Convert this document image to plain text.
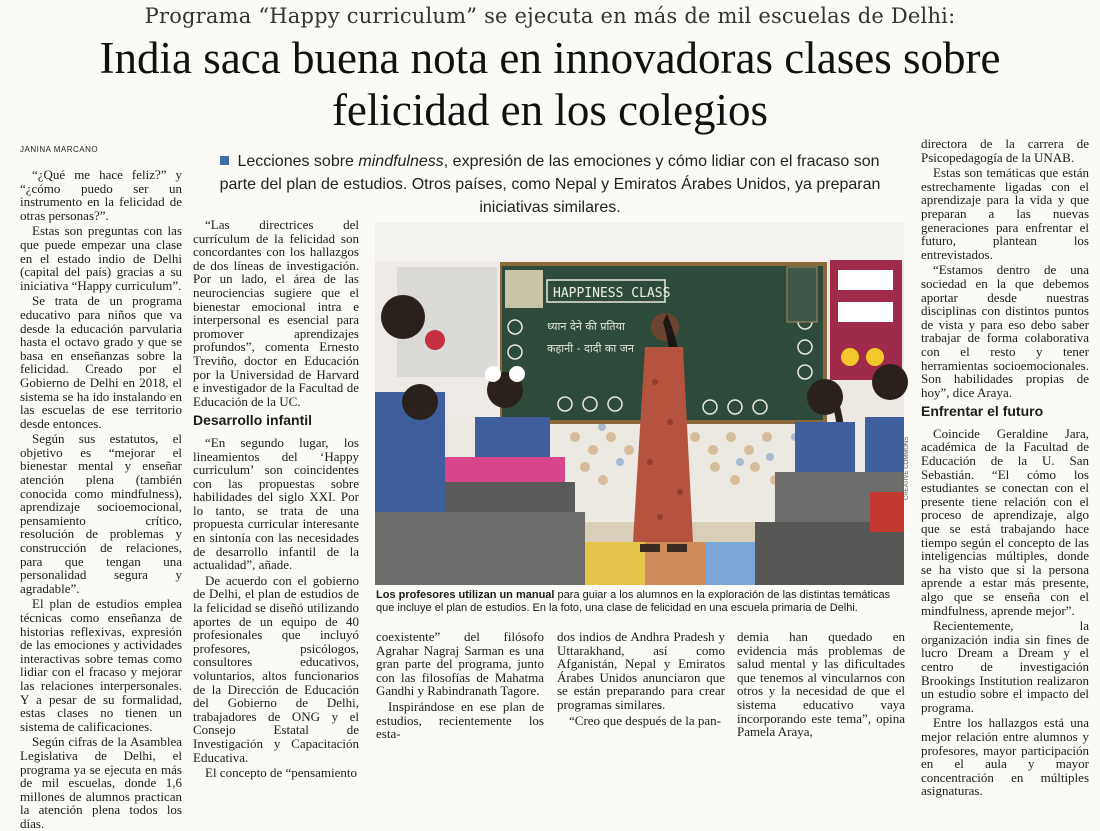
Programa “Happy curriculum” se ejecuta en más de mil escuelas de Delhi:
India saca buena nota en innovadoras clases sobre
felicidad en los colegios
JANINA MARCANO

“¿Qué me hace feliz?” y “¿cómo puedo ser un instrumento en la felicidad de otras personas?”.

Estas son preguntas con las que puede empezar una clase en el estado indio de Delhi (capital del país) gracias a su iniciativa “Happy curriculum”.

Se trata de un programa educativo para niños que va desde la educación parvularia hasta el octavo grado y que se basa en enseñanzas sobre la felicidad. Creado por el Gobierno de Delhi en 2018, el sistema se ha ido instalando en las escuelas de ese territorio desde entonces.

Según sus estatutos, el objetivo es “mejorar el bienestar mental y enseñar atención plena (también conocida como mindfulness), aprendizaje socioemocional, pensamiento crítico, resolución de problemas y construcción de relaciones, para que tengan una personalidad segura y agradable”.

El plan de estudios emplea técnicas como enseñanza de historias reflexivas, expresión de las emociones y actividades interactivas sobre temas como lidiar con el fracaso y mejorar las relaciones interpersonales. Y a pesar de su formalidad, estas clases no tienen un sistema de calificaciones.

Según cifras de la Asamblea Legislativa de Delhi, el programa ya se ejecuta en más de mil escuelas, donde 1,6 millones de alumnos practican la atención plena todos los días.

Lecciones sobre mindfulness, expresión de las emociones y cómo lidiar con el fracaso son parte del plan de estudios. Otros países, como Nepal y Emiratos Árabes Unidos, ya preparan iniciativas similares.

“Las directrices del currículum de la felicidad son concordantes con los hallazgos de dos líneas de investigación. Por un lado, el área de las neurociencias sugiere que el bienestar emocional intra e interpersonal es esencial para promover aprendizajes profundos”, comenta Ernesto Treviño, doctor en Educación por la Universidad de Harvard e investigador de la Facultad de Educación de la UC.

Desarrollo infantil

“En segundo lugar, los lineamientos del ‘Happy curriculum’ son coincidentes con las propuestas sobre habilidades del siglo XXI. Por lo tanto, se trata de una propuesta curricular interesante en sintonía con las necesidades de desarrollo infantil de la actualidad”, añade.

De acuerdo con el gobierno de Delhi, el plan de estudios de la felicidad se diseñó utilizando aportes de un equipo de 40 profesionales que incluyó profesores, psicólogos, consultores educativos, voluntarios, altos funcionarios de la Dirección de Educación del Gobierno de Delhi, trabajadores de ONG y el Consejo Estatal de Investigación y Capacitación Educativa.

El concepto de “pensamiento

HAPPINESS CLASS
ध्यान देने की प्रतिया
कहानी - दादी का जन
CREATIVE COMMONS
Los profesores utilizan un manual para guiar a los alumnos en la exploración de las distintas temáticas que incluye el plan de estudios. En la foto, una clase de felicidad en una escuela primaria de Delhi.

coexistente” del filósofo Agrahar Nagraj Sarman es una gran parte del programa, junto con las filosofías de Mahatma Gandhi y Rabindranath Tagore.

Inspirándose en ese plan de estudios, recientemente los esta-

dos indios de Andhra Pradesh y Uttarakhand, así como Afganistán, Nepal y Emiratos Árabes Unidos anunciaron que se están preparando para crear programas similares.

“Creo que después de la pan-

demia han quedado en evidencia más problemas de salud mental y las dificultades que tenemos al vincularnos con otros y la necesidad de que el sistema educativo vaya incorporando este tema”, opina Pamela Araya,

directora de la carrera de Psicopedagogía de la UNAB.

Estas son temáticas que están estrechamente ligadas con el aprendizaje para la vida y que preparan a las nuevas generaciones para enfrentar el futuro, plantean los entrevistados.

“Estamos dentro de una sociedad en la que debemos aportar desde nuestras disciplinas con distintos puntos de vista y para eso debo saber trabajar de forma colaborativa con el resto y tener herramientas socioemocionales. Son habilidades propias de hoy”, dice Araya.

Enfrentar el futuro

Coincide Geraldine Jara, académica de la Facultad de Educación de la U. San Sebastián. “El cómo los estudiantes se conectan con el presente tiene relación con el proceso de aprendizaje, algo que se está trabajando hace tiempo según el concepto de las inteligencias múltiples, donde se ha visto que si la persona aprende a estar más presente, algo que se enseña con el mindfulness, aprende mejor”.

Recientemente, la organización india sin fines de lucro Dream a Dream y el centro de investigación Brookings Institution realizaron un estudio sobre el impacto del programa.

Entre los hallazgos está una mejor relación entre alumnos y profesores, mayor participación en el aula y mayor concentración en múltiples asignaturas.
